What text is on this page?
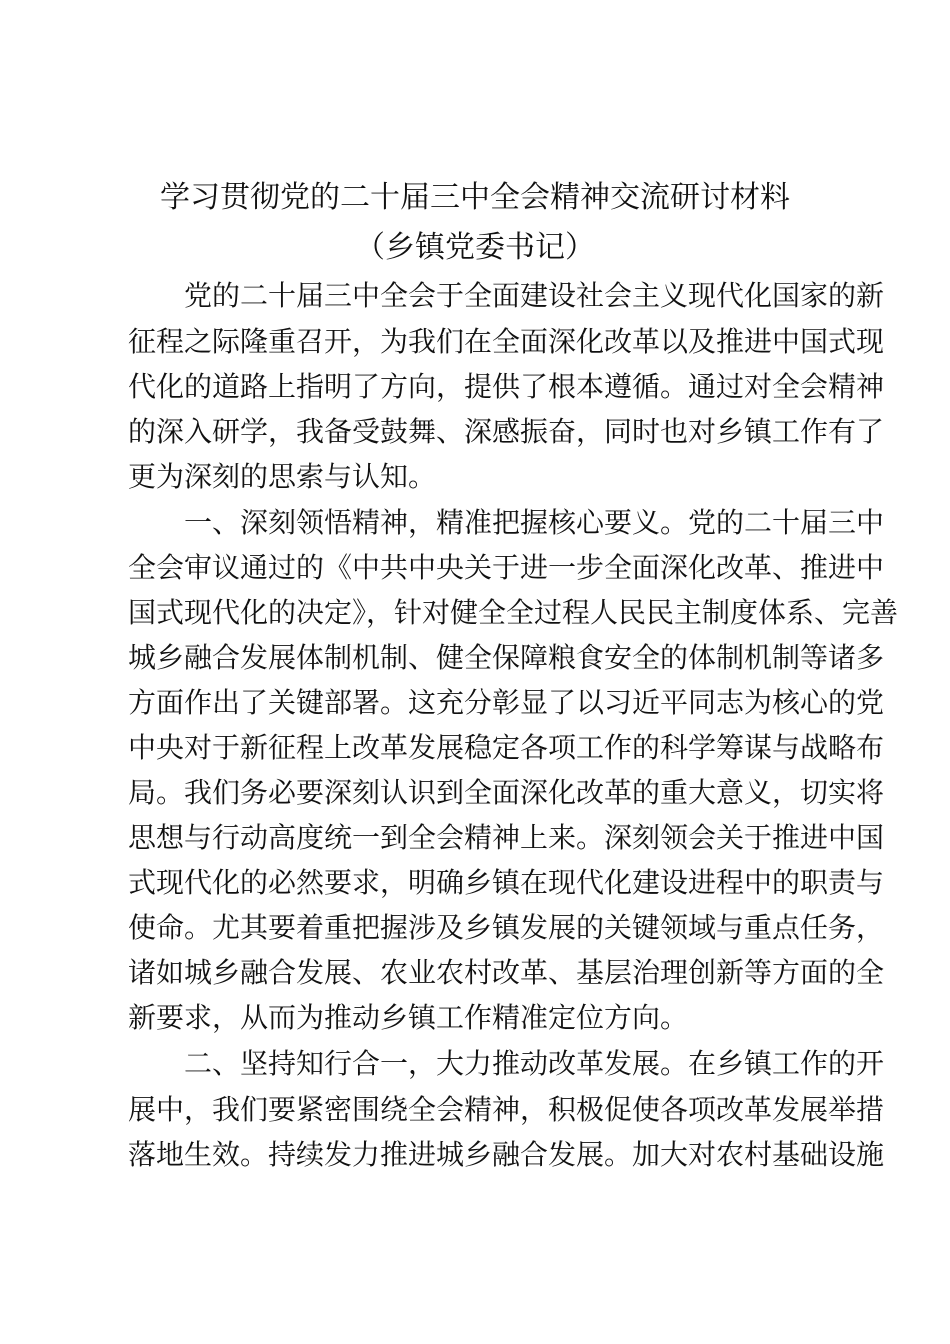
学习贯彻党的二十届三中全会精神交流研讨材料
（乡镇党委书记）
　　党的二十届三中全会于全面建设社会主义现代化国家的新
征程之际隆重召开，为我们在全面深化改革以及推进中国式现
代化的道路上指明了方向，提供了根本遵循。通过对全会精神
的深入研学，我备受鼓舞、深感振奋，同时也对乡镇工作有了
更为深刻的思索与认知。
　　一、深刻领悟精神，精准把握核心要义。党的二十届三中
全会审议通过的《中共中央关于进一步全面深化改革、推进中
国式现代化的决定》，针对健全全过程人民民主制度体系、完善
城乡融合发展体制机制、健全保障粮食安全的体制机制等诸多
方面作出了关键部署。这充分彰显了以习近平同志为核心的党
中央对于新征程上改革发展稳定各项工作的科学筹谋与战略布
局。我们务必要深刻认识到全面深化改革的重大意义，切实将
思想与行动高度统一到全会精神上来。深刻领会关于推进中国
式现代化的必然要求，明确乡镇在现代化建设进程中的职责与
使命。尤其要着重把握涉及乡镇发展的关键领域与重点任务，
诸如城乡融合发展、农业农村改革、基层治理创新等方面的全
新要求，从而为推动乡镇工作精准定位方向。
　　二、坚持知行合一，大力推动改革发展。在乡镇工作的开
展中，我们要紧密围绕全会精神，积极促使各项改革发展举措
落地生效。持续发力推进城乡融合发展。加大对农村基础设施
